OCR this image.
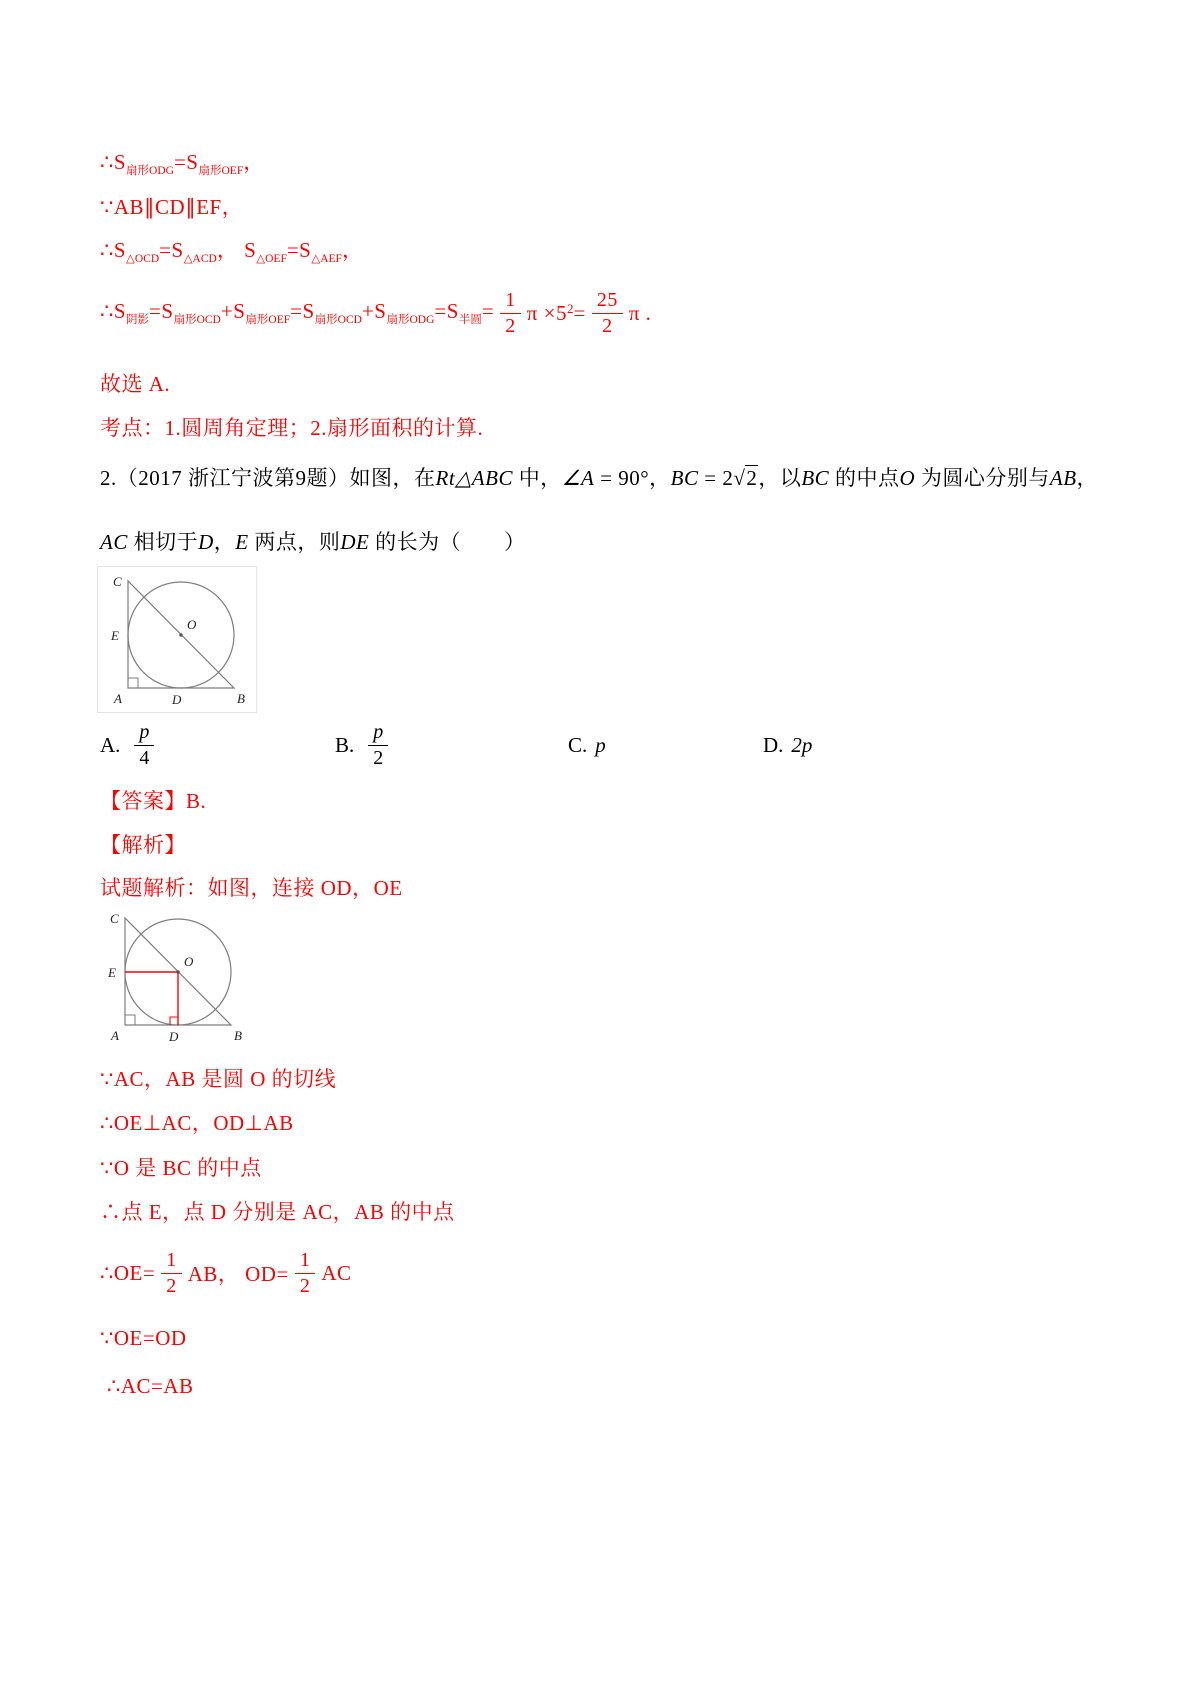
$\therefore S_{扇形ODG}=S_{扇形OEF}$，
∵AB∥CD∥EF，
$\therefore S_{\triangle OCD}=S_{\triangle ACD}$， $S_{\triangle OEF}=S_{\triangle AEF}$，
$\therefore S_{阴影}=S_{扇形OCD}+S_{扇形OEF}=S_{扇形OCD}+S_{扇形ODG}=S_{半圆}= \frac{1}{2}$ $\pi \times 5^2= \frac{25}{2}$ π .
故选 A.
考点：1.圆周角定理；2.扇形面积的计算.
2.（2017 浙江宁波第9题）如图，在Rt△ABC 中，∠A = 90°，BC = 2√2，以BC 的中点O 为圆心分别与AB，
AC 相切于D，E 两点，则DE 的长为（　　）
C
E
O
A	D	B
A. $\frac{p}{4}$	B. $\frac{p}{2}$	C. p	D. 2p
【答案】B.
【解析】
试题解析：如图，连接 OD，OE
C
E
O
A	D	B
∵AC，AB 是圆 O 的切线
∴OE⊥AC，OD⊥AB
∵O 是 BC 的中点
∴点 E，点 D 分别是 AC，AB 的中点
∴OE= $\frac{1}{2}$ AB， $OD= \frac{1}{2}$ AC
∵OE=OD
∴AC=AB
